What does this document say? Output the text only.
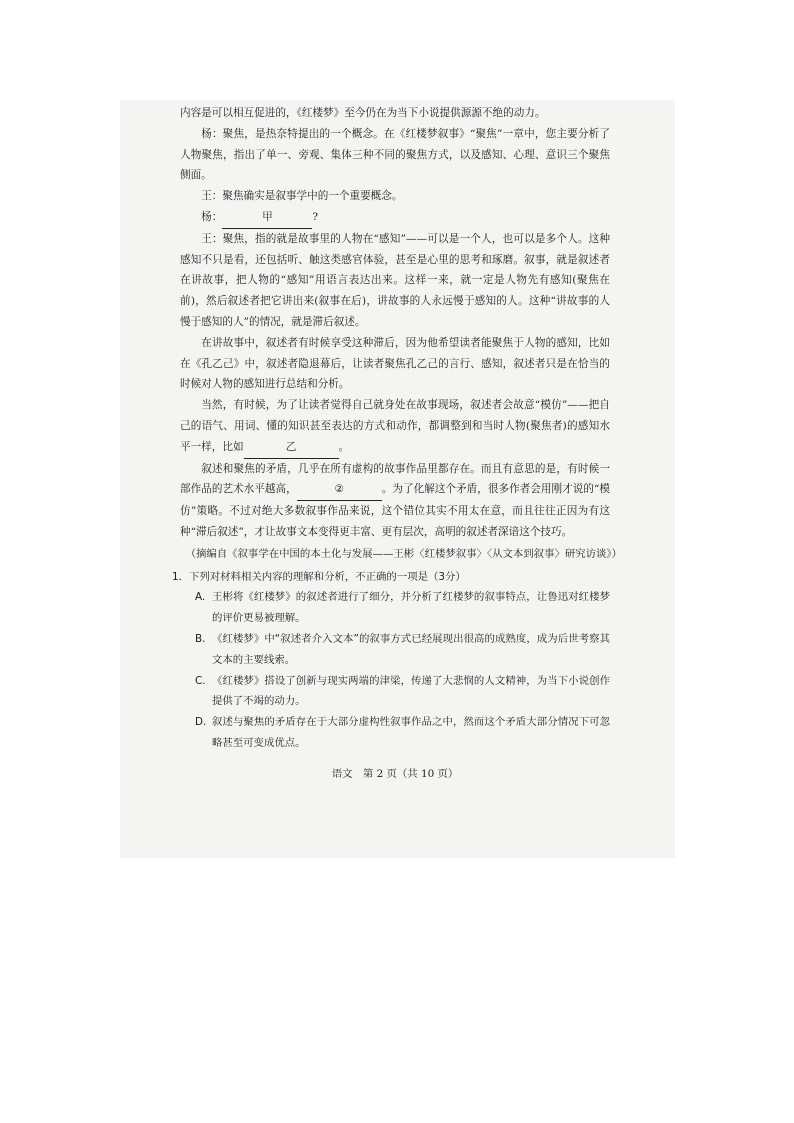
内容是可以相互促进的，《红楼梦》至今仍在为当下小说提供源源不绝的动力。

杨：聚焦，是热奈特提出的一个概念。在《红楼梦叙事》“聚焦”一章中，您主要分析了人物聚焦，指出了单一、旁观、集体三种不同的聚焦方式，以及感知、心理、意识三个聚焦侧面。

王：聚焦确实是叙事学中的一个重要概念。

杨：	甲	?

王：聚焦，指的就是故事里的人物在“感知”——可以是一个人，也可以是多个人。这种感知不只是看，还包括听、触这类感官体验，甚至是心里的思考和琢磨。叙事，就是叙述者在讲故事，把人物的“感知”用语言表达出来。这样一来，就一定是人物先有感知(聚焦在前)，然后叙述者把它讲出来(叙事在后)，讲故事的人永远慢于感知的人。这种“讲故事的人慢于感知的人”的情况，就是滞后叙述。

在讲故事中，叙述者有时候享受这种滞后，因为他希望读者能聚焦于人物的感知，比如在《孔乙己》中，叙述者隐退幕后，让读者聚焦孔乙己的言行、感知，叙述者只是在恰当的时候对人物的感知进行总结和分析。

当然，有时候，为了让读者觉得自己就身处在故事现场，叙述者会故意“模仿”——把自己的语气、用词、懂的知识甚至表达的方式和动作，都调整到和当时人物(聚焦者)的感知水平一样，比如	乙	。

叙述和聚焦的矛盾，几乎在所有虚构的故事作品里都存在。而且有意思的是，有时候一部作品的艺术水平越高，	②	。为了化解这个矛盾，很多作者会用刚才说的“模仿”策略。不过对绝大多数叙事作品来说，这个错位其实不用太在意，而且往往正因为有这种“滞后叙述”，才让故事文本变得更丰富、更有层次，高明的叙述者深谙这个技巧。

（摘编自《叙事学在中国的本土化与发展——王彬〈红楼梦叙事〉〈从文本到叙事〉研究访谈》）

1．下列对材料相关内容的理解和分析，不正确的一项是（3分）

A. 王彬将《红楼梦》的叙述者进行了细分，并分析了红楼梦的叙事特点，让鲁迅对红楼梦的评价更易被理解。
B. 《红楼梦》中“叙述者介入文本”的叙事方式已经展现出很高的成熟度，成为后世考察其文本的主要线索。
C. 《红楼梦》搭设了创新与现实两端的津梁，传递了大悲悯的人文精神，为当下小说创作提供了不竭的动力。
D. 叙述与聚焦的矛盾存在于大部分虚构性叙事作品之中，然而这个矛盾大部分情况下可忽略甚至可变成优点。
语文　第 2 页（共 10 页）
